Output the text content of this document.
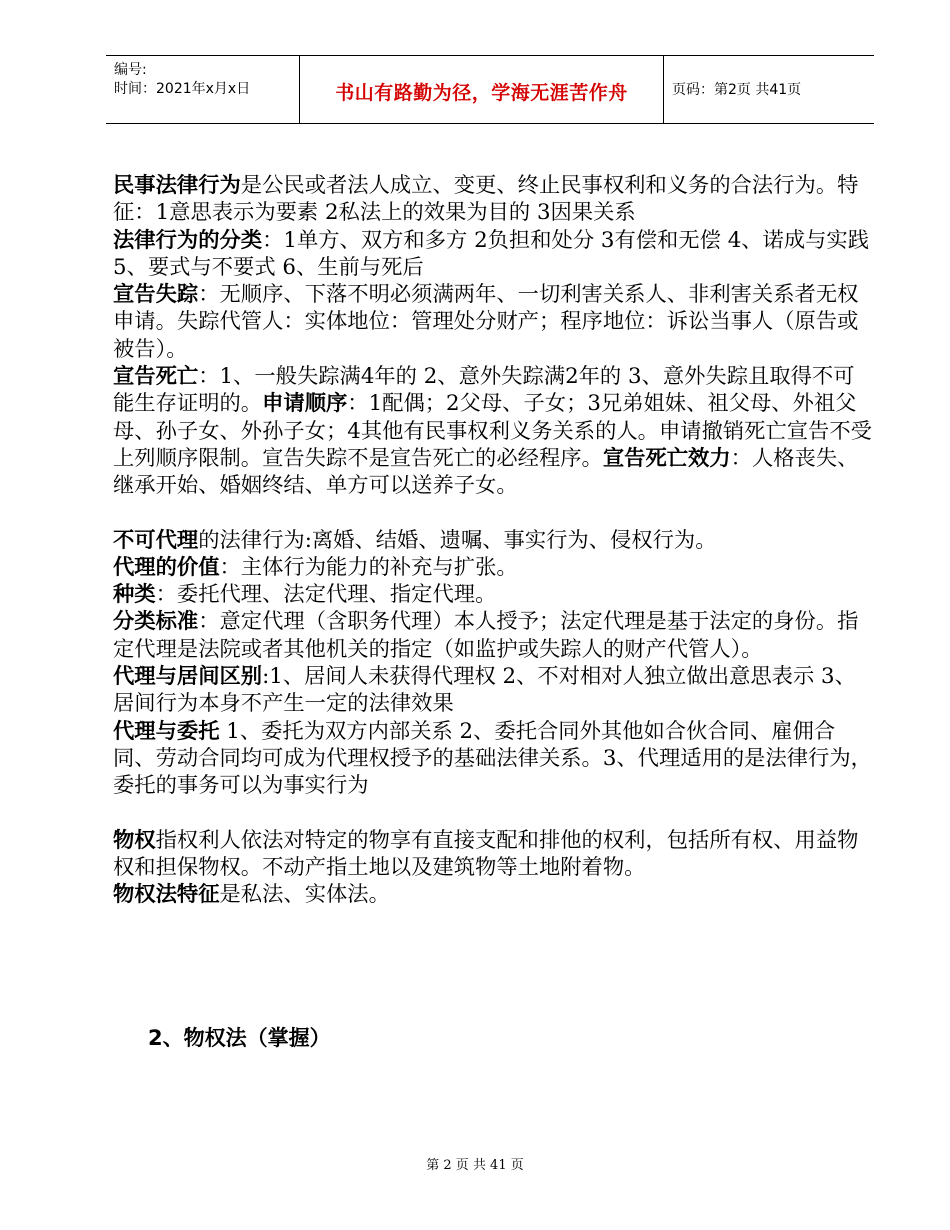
编号:
时间：2021年x月x日	书山有路勤为径，学海无涯苦作舟	页码：第2页 共41页

民事法律行为是公民或者法人成立、变更、终止民事权利和义务的合法行为。特征：1意思表示为要素 2私法上的效果为目的 3因果关系

法律行为的分类：1单方、双方和多方 2负担和处分 3有偿和无偿 4、诺成与实践 5、要式与不要式 6、生前与死后

宣告失踪：无顺序、下落不明必须满两年、一切利害关系人、非利害关系者无权申请。失踪代管人：实体地位：管理处分财产；程序地位：诉讼当事人（原告或被告）。

宣告死亡：1、一般失踪满4年的 2、意外失踪满2年的 3、意外失踪且取得不可能生存证明的。申请顺序：1配偶；2父母、子女；3兄弟姐妹、祖父母、外祖父母、孙子女、外孙子女；4其他有民事权利义务关系的人。申请撤销死亡宣告不受上列顺序限制。宣告失踪不是宣告死亡的必经程序。宣告死亡效力：人格丧失、继承开始、婚姻终结、单方可以送养子女。

不可代理的法律行为:离婚、结婚、遗嘱、事实行为、侵权行为。

代理的价值：主体行为能力的补充与扩张。

种类：委托代理、法定代理、指定代理。

分类标准：意定代理（含职务代理）本人授予；法定代理是基于法定的身份。指定代理是法院或者其他机关的指定（如监护或失踪人的财产代管人）。

代理与居间区别:1、居间人未获得代理权 2、不对相对人独立做出意思表示 3、居间行为本身不产生一定的法律效果

代理与委托 1、委托为双方内部关系 2、委托合同外其他如合伙合同、雇佣合同、劳动合同均可成为代理权授予的基础法律关系。3、代理适用的是法律行为，委托的事务可以为事实行为

物权指权利人依法对特定的物享有直接支配和排他的权利，包括所有权、用益物权和担保物权。不动产指土地以及建筑物等土地附着物。

物权法特征是私法、实体法。

2、物权法（掌握）
第 2 页 共 41 页
